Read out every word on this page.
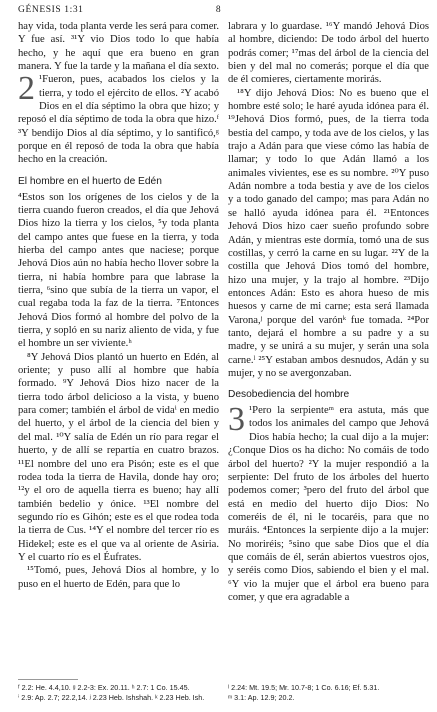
GÉNESIS 1:31	8

hay vida, toda planta verde les será para comer. Y fue así. ³¹Y vio Dios todo lo que había hecho, y he aquí que era bueno en gran manera. Y fue la tarde y la mañana el día sexto.

2 ¹Fueron, pues, acabados los cielos y la tierra, y todo el ejército de ellos. ²Y acabó Dios en el día séptimo la obra que hizo; y reposó el día séptimo de toda la obra que hizo.ᶠ ³Y bendijo Dios al día séptimo, y lo santificó,ᵍ porque en él reposó de toda la obra que había hecho en la creación.

El hombre en el huerto de Edén

⁴Estos son los orígenes de los cielos y de la tierra cuando fueron creados, el día que Jehová Dios hizo la tierra y los cielos, ⁵y toda planta del campo antes que fuese en la tierra, y toda hierba del campo antes que naciese; porque Jehová Dios aún no había hecho llover sobre la tierra, ni había hombre para que labrase la tierra, ⁶sino que subía de la tierra un vapor, el cual regaba toda la faz de la tierra. ⁷Entonces Jehová Dios formó al hombre del polvo de la tierra, y sopló en su nariz aliento de vida, y fue el hombre un ser viviente.ʰ

⁸Y Jehová Dios plantó un huerto en Edén, al oriente; y puso allí al hombre que había formado. ⁹Y Jehová Dios hizo nacer de la tierra todo árbol delicioso a la vista, y bueno para comer; también el árbol de vidaⁱ en medio del huerto, y el árbol de la ciencia del bien y del mal. ¹⁰Y salía de Edén un río para regar el huerto, y de allí se repartía en cuatro brazos. ¹¹El nombre del uno era Pisón; este es el que rodea toda la tierra de Havila, donde hay oro; ¹²y el oro de aquella tierra es bueno; hay allí también bedelio y ónice. ¹³El nombre del segundo río es Gihón; este es el que rodea toda la tierra de Cus. ¹⁴Y el nombre del tercer río es Hidekel; este es el que va al oriente de Asiria. Y el cuarto río es el Éufrates.

¹⁵Tomó, pues, Jehová Dios al hombre, y lo puso en el huerto de Edén, para que lo

labrara y lo guardase. ¹⁶Y mandó Jehová Dios al hombre, diciendo: De todo árbol del huerto podrás comer; ¹⁷mas del árbol de la ciencia del bien y del mal no comerás; porque el día que de él comieres, ciertamente morirás.

¹⁸Y dijo Jehová Dios: No es bueno que el hombre esté solo; le haré ayuda idónea para él. ¹⁹Jehová Dios formó, pues, de la tierra toda bestia del campo, y toda ave de los cielos, y las trajo a Adán para que viese cómo las había de llamar; y todo lo que Adán llamó a los animales vivientes, ese es su nombre. ²⁰Y puso Adán nombre a toda bestia y ave de los cielos y a todo ganado del campo; mas para Adán no se halló ayuda idónea para él. ²¹Entonces Jehová Dios hizo caer sueño profundo sobre Adán, y mientras este dormía, tomó una de sus costillas, y cerró la carne en su lugar. ²²Y de la costilla que Jehová Dios tomó del hombre, hizo una mujer, y la trajo al hombre. ²³Dijo entonces Adán: Esto es ahora hueso de mis huesos y carne de mi carne; esta será llamada Varona,ʲ porque del varónᵏ fue tomada. ²⁴Por tanto, dejará el hombre a su padre y a su madre, y se unirá a su mujer, y serán una sola carne.ˡ ²⁵Y estaban ambos desnudos, Adán y su mujer, y no se avergonzaban.

Desobediencia del hombre

3 ¹Pero la serpienteᵐ era astuta, más que todos los animales del campo que Jehová Dios había hecho; la cual dijo a la mujer: ¿Conque Dios os ha dicho: No comáis de todo árbol del huerto? ²Y la mujer respondió a la serpiente: Del fruto de los árboles del huerto podemos comer; ³pero del fruto del árbol que está en medio del huerto dijo Dios: No comeréis de él, ni le tocaréis, para que no muráis. ⁴Entonces la serpiente dijo a la mujer: No moriréis; ⁵sino que sabe Dios que el día que comáis de él, serán abiertos vuestros ojos, y seréis como Dios, sabiendo el bien y el mal. ⁶Y vio la mujer que el árbol era bueno para comer, y que era agradable a

ᶠ 2.2: He. 4.4,10. ᵍ 2.2-3: Ex. 20.11. ʰ 2.7: 1 Co. 15.45.
ⁱ 2.9: Ap. 2.7; 22.2,14. ʲ 2.23 Heb. Ishshah. ᵏ 2.23 Heb. Ish.
ˡ 2.24: Mt. 19.5; Mr. 10.7-8; 1 Co. 6.16; Ef. 5.31.
ᵐ 3.1: Ap. 12.9; 20.2.
